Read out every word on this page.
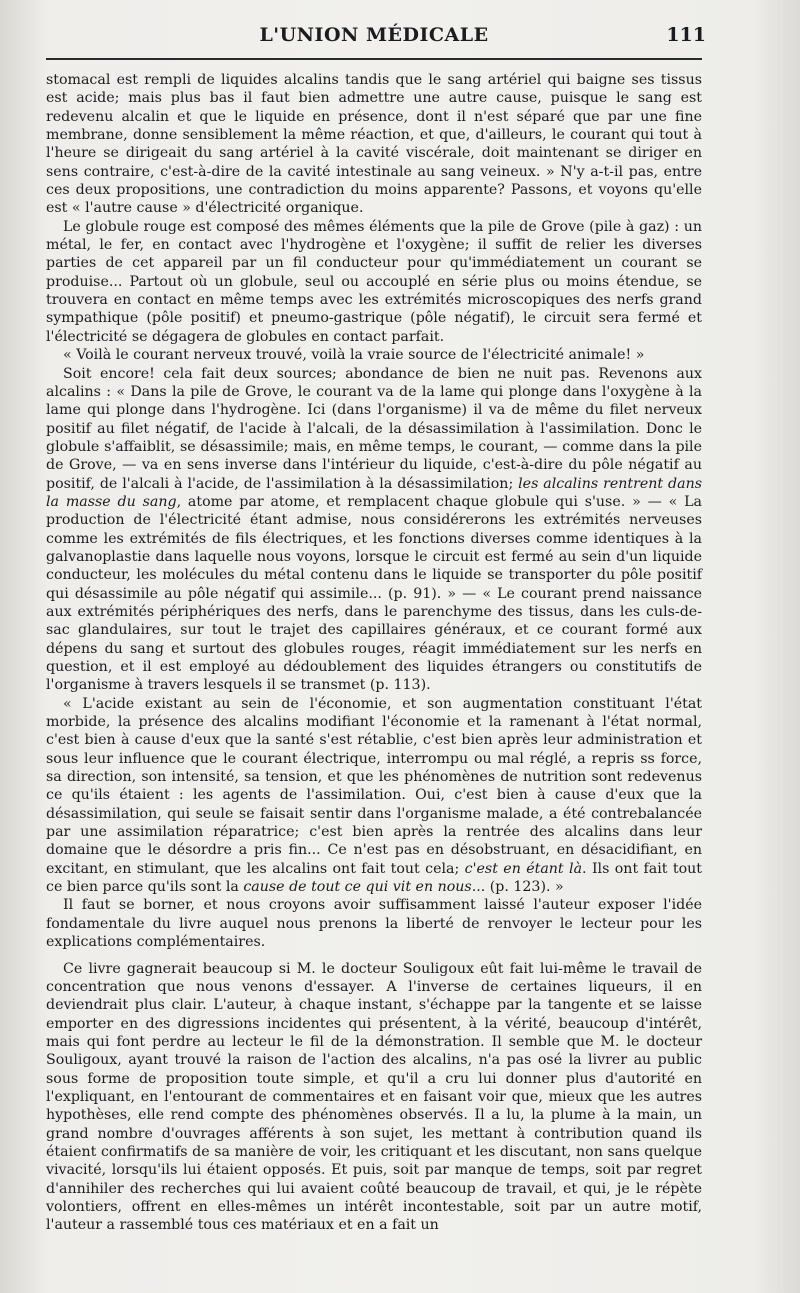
L'UNION MÉDICALE	111

stomacal est rempli de liquides alcalins tandis que le sang artériel qui baigne ses tissus est acide; mais plus bas il faut bien admettre une autre cause, puisque le sang est redevenu alcalin et que le liquide en présence, dont il n'est séparé que par une fine membrane, donne sensiblement la même réaction, et que, d'ailleurs, le courant qui tout à l'heure se dirigeait du sang artériel à la cavité viscérale, doit maintenant se diriger en sens contraire, c'est-à-dire de la cavité intestinale au sang veineux. » N'y a-t-il pas, entre ces deux propositions, une contradiction du moins apparente? Passons, et voyons qu'elle est « l'autre cause » d'électricité organique.

Le globule rouge est composé des mêmes éléments que la pile de Grove (pile à gaz) : un métal, le fer, en contact avec l'hydrogène et l'oxygène; il suffit de relier les diverses parties de cet appareil par un fil conducteur pour qu'immédiatement un courant se produise... Partout où un globule, seul ou accouplé en série plus ou moins étendue, se trouvera en contact en même temps avec les extrémités microscopiques des nerfs grand sympathique (pôle positif) et pneumo-gastrique (pôle négatif), le circuit sera fermé et l'électricité se dégagera de globules en contact parfait.

« Voilà le courant nerveux trouvé, voilà la vraie source de l'électricité animale! »

Soit encore! cela fait deux sources; abondance de bien ne nuit pas. Revenons aux alcalins : « Dans la pile de Grove, le courant va de la lame qui plonge dans l'oxygène à la lame qui plonge dans l'hydrogène. Ici (dans l'organisme) il va de même du filet nerveux positif au filet négatif, de l'acide à l'alcali, de la désassimilation à l'assimilation. Donc le globule s'affaiblit, se désassimile; mais, en même temps, le courant, — comme dans la pile de Grove, — va en sens inverse dans l'intérieur du liquide, c'est-à-dire du pôle négatif au positif, de l'alcali à l'acide, de l'assimilation à la désassimilation; les alcalins rentrent dans la masse du sang, atome par atome, et remplacent chaque globule qui s'use. » — « La production de l'électricité étant admise, nous considérerons les extrémités nerveuses comme les extrémités de fils électriques, et les fonctions diverses comme identiques à la galvanoplastie dans laquelle nous voyons, lorsque le circuit est fermé au sein d'un liquide conducteur, les molécules du métal contenu dans le liquide se transporter du pôle positif qui désassimile au pôle négatif qui assimile... (p. 91). » — « Le courant prend naissance aux extrémités périphériques des nerfs, dans le parenchyme des tissus, dans les culs-de-sac glandulaires, sur tout le trajet des capillaires généraux, et ce courant formé aux dépens du sang et surtout des globules rouges, réagit immédiatement sur les nerfs en question, et il est employé au dédoublement des liquides étrangers ou constitutifs de l'organisme à travers lesquels il se transmet (p. 113).

« L'acide existant au sein de l'économie, et son augmentation constituant l'état morbide, la présence des alcalins modifiant l'économie et la ramenant à l'état normal, c'est bien à cause d'eux que la santé s'est rétablie, c'est bien après leur administration et sous leur influence que le courant électrique, interrompu ou mal réglé, a repris ss force, sa direction, son intensité, sa tension, et que les phénomènes de nutrition sont redevenus ce qu'ils étaient : les agents de l'assimilation. Oui, c'est bien à cause d'eux que la désassimilation, qui seule se faisait sentir dans l'organisme malade, a été contrebalancée par une assimilation réparatrice; c'est bien après la rentrée des alcalins dans leur domaine que le désordre a pris fin... Ce n'est pas en désobstruant, en désacidifiant, en excitant, en stimulant, que les alcalins ont fait tout cela; c'est en étant là. Ils ont fait tout ce bien parce qu'ils sont la cause de tout ce qui vit en nous... (p. 123). »

Il faut se borner, et nous croyons avoir suffisamment laissé l'auteur exposer l'idée fondamentale du livre auquel nous prenons la liberté de renvoyer le lecteur pour les explications complémentaires.

Ce livre gagnerait beaucoup si M. le docteur Souligoux eût fait lui-même le travail de concentration que nous venons d'essayer. A l'inverse de certaines liqueurs, il en deviendrait plus clair. L'auteur, à chaque instant, s'échappe par la tangente et se laisse emporter en des digressions incidentes qui présentent, à la vérité, beaucoup d'intérêt, mais qui font perdre au lecteur le fil de la démonstration. Il semble que M. le docteur Souligoux, ayant trouvé la raison de l'action des alcalins, n'a pas osé la livrer au public sous forme de proposition toute simple, et qu'il a cru lui donner plus d'autorité en l'expliquant, en l'entourant de commentaires et en faisant voir que, mieux que les autres hypothèses, elle rend compte des phénomènes observés. Il a lu, la plume à la main, un grand nombre d'ouvrages afférents à son sujet, les mettant à contribution quand ils étaient confirmatifs de sa manière de voir, les critiquant et les discutant, non sans quelque vivacité, lorsqu'ils lui étaient opposés. Et puis, soit par manque de temps, soit par regret d'annihiler des recherches qui lui avaient coûté beaucoup de travail, et qui, je le répète volontiers, offrent en elles-mêmes un intérêt incontestable, soit par un autre motif, l'auteur a rassemblé tous ces matériaux et en a fait un
